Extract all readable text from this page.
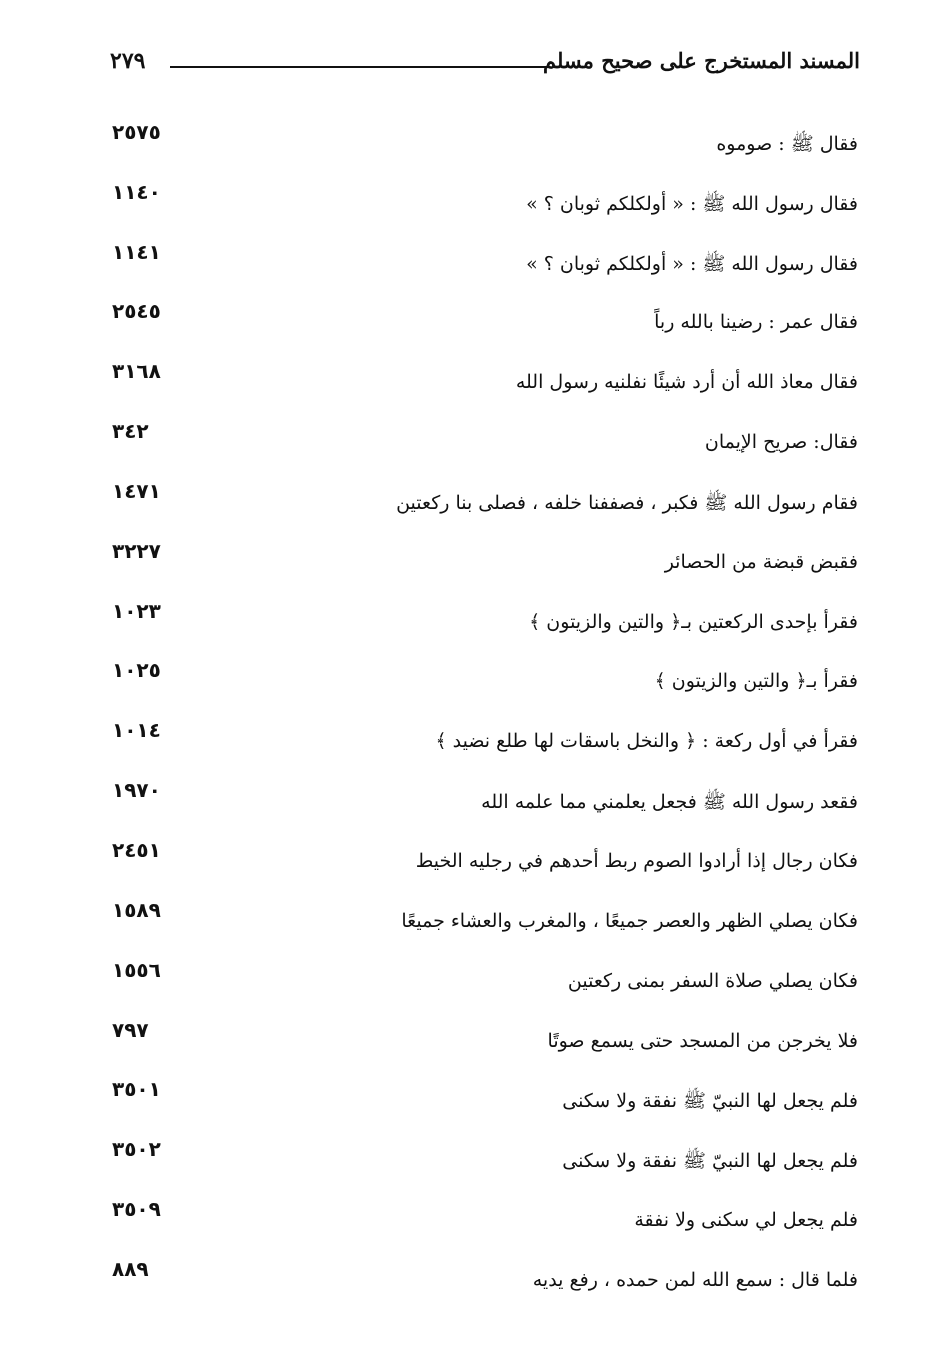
المسند المستخرج على صحيح مسلم
٢٧٩
فقال ﷺ : صوموه
٢٥٧٥
فقال رسول الله ﷺ : « أولكلكم ثوبان ؟ »
١١٤٠
فقال رسول الله ﷺ : « أولكلكم ثوبان ؟ »
١١٤١
فقال عمر : رضينا بالله رباً
٢٥٤٥
فقال معاذ الله أن أرد شيئًا نفلنيه رسول الله
٣١٦٨
فقال: صريح الإيمان
٣٤٢
فقام رسول الله ﷺ فكبر ، فصففنا خلفه ، فصلى بنا ركعتين
١٤٧١
فقبض قبضة من الحصائر
٣٢٢٧
فقرأ بإحدى الركعتين بـ﴿ والتين والزيتون ﴾
١٠٢٣
فقرأ بـ﴿ والتين والزيتون ﴾
١٠٢٥
فقرأ في أول ركعة : ﴿ والنخل باسقات لها طلع نضيد ﴾
١٠١٤
فقعد رسول الله ﷺ فجعل يعلمني مما علمه الله
١٩٧٠
فكان رجال إذا أرادوا الصوم ربط أحدهم في رجليه الخيط
٢٤٥١
فكان يصلي الظهر والعصر جميعًا ، والمغرب والعشاء جميعًا
١٥٨٩
فكان يصلي صلاة السفر بمنى ركعتين
١٥٥٦
فلا يخرجن من المسجد حتى يسمع صوتًا
٧٩٧
فلم يجعل لها النبيّ ﷺ نفقة ولا سكنى
٣٥٠١
فلم يجعل لها النبيّ ﷺ نفقة ولا سكنى
٣٥٠٢
فلم يجعل لي سكنى ولا نفقة
٣٥٠٩
فلما قال : سمع الله لمن حمده ، رفع يديه
٨٨٩
